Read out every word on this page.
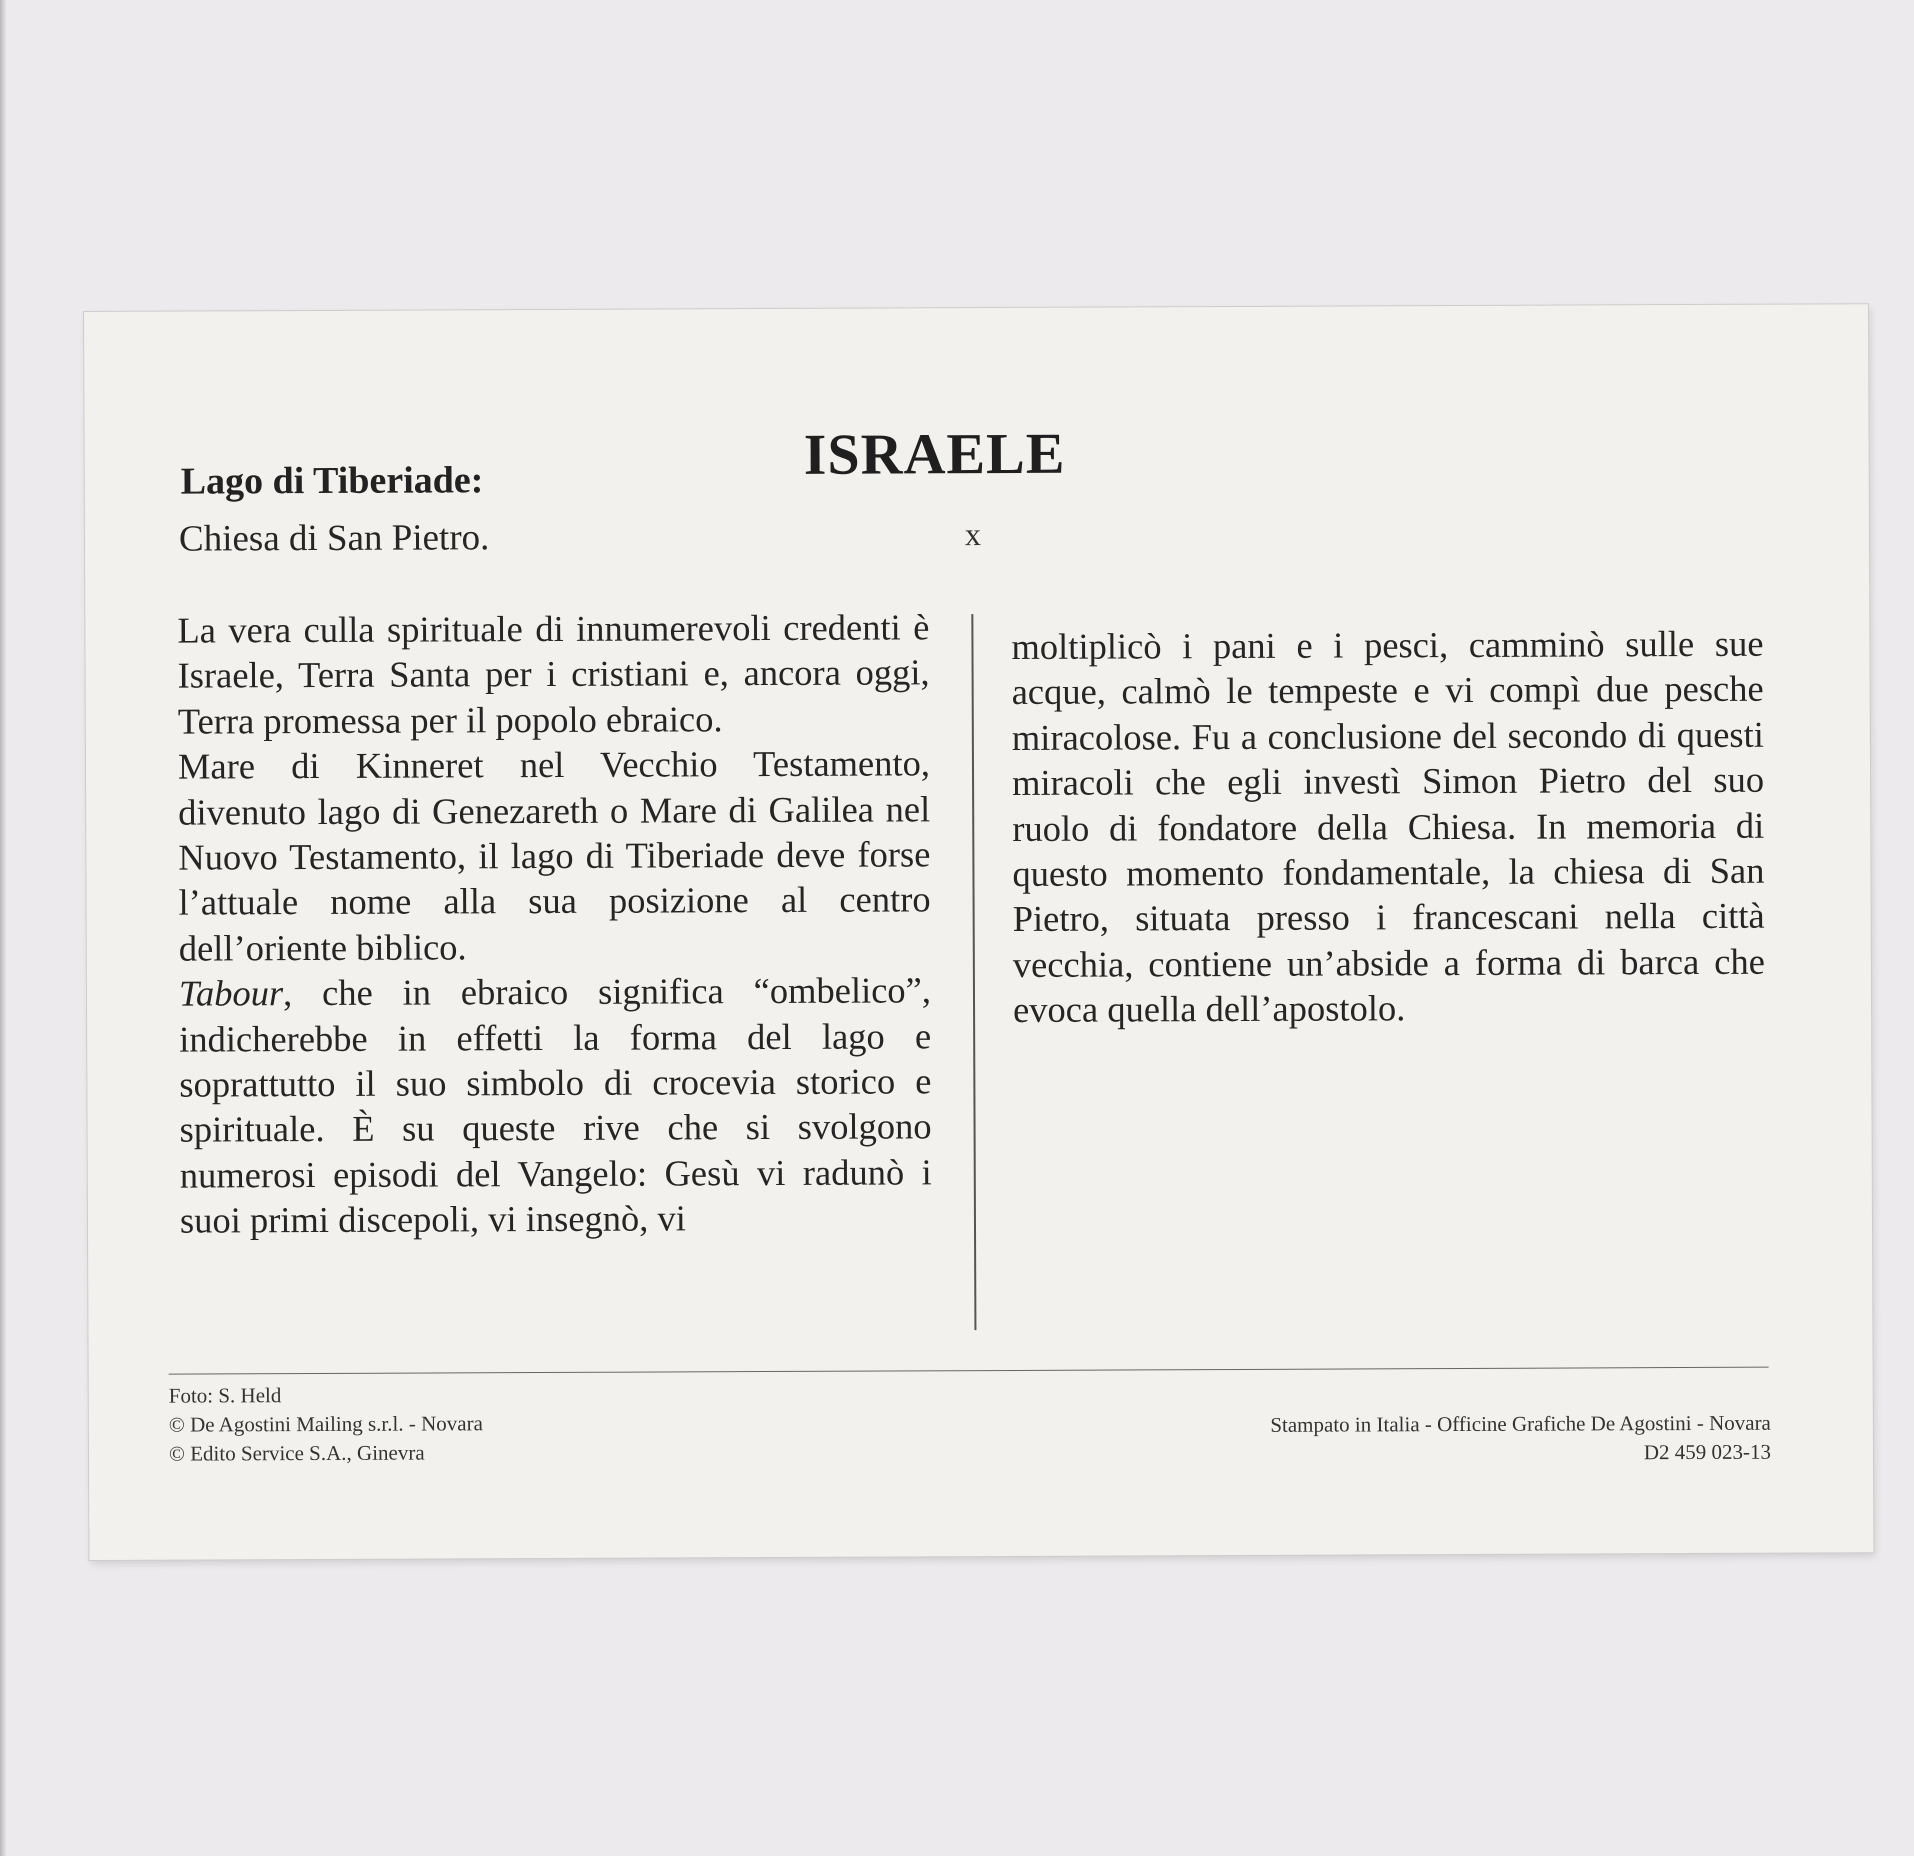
ISRAELE
Lago di Tiberiade:
Chiesa di San Pietro.	x

La vera culla spirituale di innumerevoli credenti è Israele, Terra Santa per i cristiani e, ancora oggi, Terra promessa per il popolo ebraico.

Mare di Kinneret nel Vecchio Testamento, divenuto lago di Genezareth o Mare di Galilea nel Nuovo Testamento, il lago di Tiberiade deve forse l’attuale nome alla sua posizione al centro dell’oriente biblico.

Tabour, che in ebraico significa “ombelico”, indicherebbe in effetti la forma del lago e soprattutto il suo simbolo di crocevia storico e spirituale. È su queste rive che si svolgono numerosi episodi del Vangelo: Gesù vi radunò i suoi primi discepoli, vi insegnò, vi

moltiplicò i pani e i pesci, camminò sulle sue acque, calmò le tempeste e vi compì due pesche miracolose. Fu a conclusione del secondo di questi miracoli che egli investì Simon Pietro del suo ruolo di fondatore della Chiesa. In memoria di questo momento fondamentale, la chiesa di San Pietro, situata presso i francescani nella città vecchia, contiene un’abside a forma di barca che evoca quella dell’apostolo.

Foto: S. Held
© De Agostini Mailing s.r.l. - Novara
© Edito Service S.A., Ginevra
Stampato in Italia - Officine Grafiche De Agostini - Novara
D2 459 023-13
